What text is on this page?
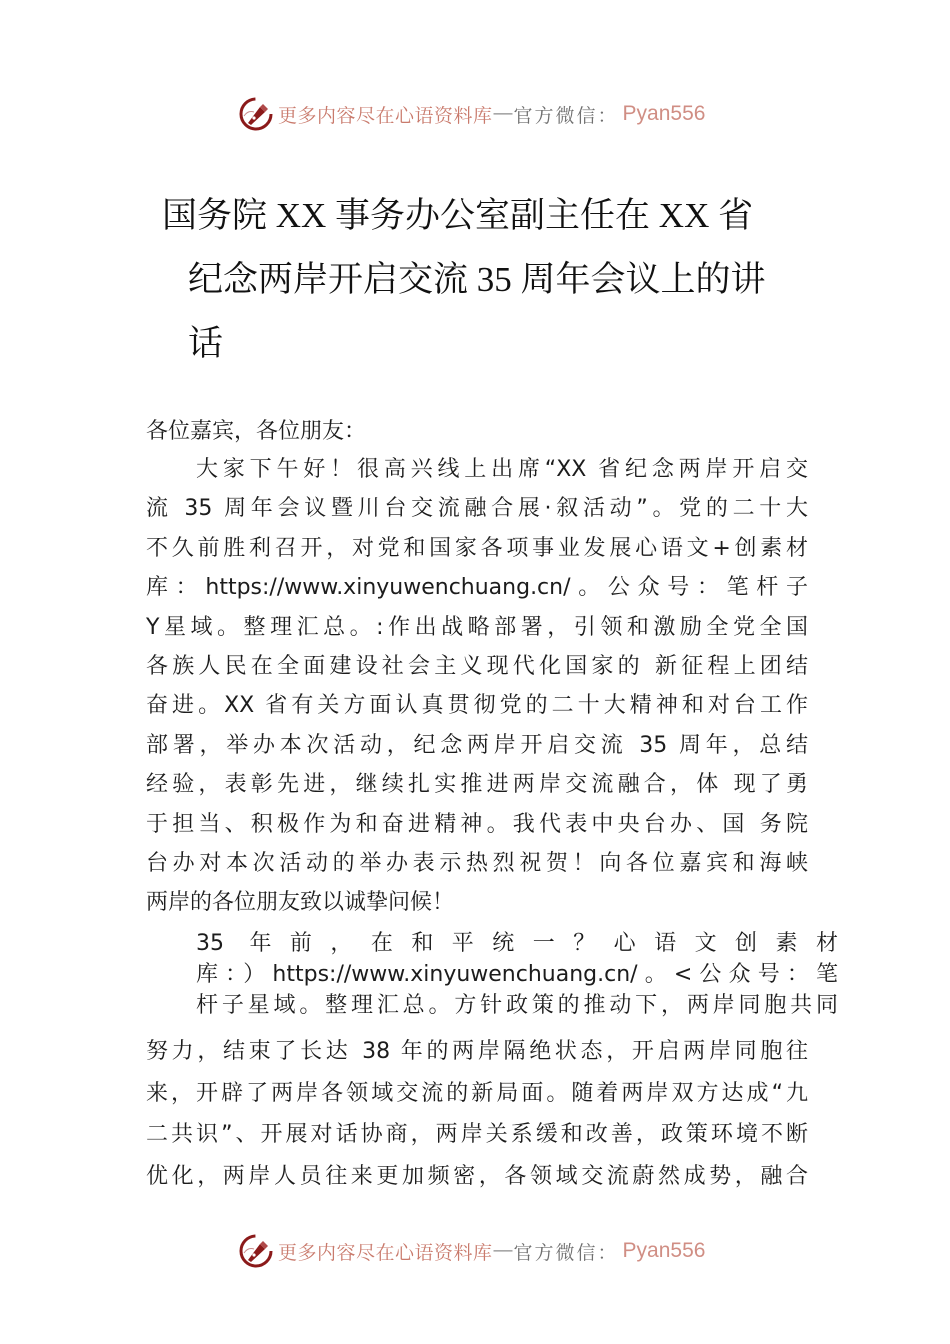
更多内容尽在心语资料库 — 官方微信： Pyan556
国务院 XX 事务办公室副主任在 XX 省
纪念两岸开启交流 35 周年会议上的讲
话
各位嘉宾，各位朋友：
大家下午好！很高兴线上出席“XX 省纪念两岸开启交
流 35 周年会议暨川台交流融合展·叙活动”。党的二十大
不久前胜利召开，对党和国家各项事业发展心语文+创素材
库：https://www.xinyuwenchuang.cn/。公众号：笔杆子
Y星域。整理汇总。:作出战略部署，引领和激励全党全国
各族人民在全面建设社会主义现代化国家的 新征程上团结
奋进。XX 省有关方面认真贯彻党的二十大精神和对台工作
部署，举办本次活动，纪念两岸开启交流 35 周年，总结
经验，表彰先进，继续扎实推进两岸交流融合，体 现了勇
于担当、积极作为和奋进精神。我代表中央台办、国 务院
台办对本次活动的举办表示热烈祝贺！向各位嘉宾和海峡
两岸的各位朋友致以诚挚问候！
35 年前，在和平统一？心语文创素材
库：）https://www.xinyuwenchuang.cn/。<公众号：笔
杆子星域。整理汇总。方针政策的推动下，两岸同胞共同
努力，结束了长达 38 年的两岸隔绝状态，开启两岸同胞往
来，开辟了两岸各领域交流的新局面。随着两岸双方达成“九
二共识”、开展对话协商，两岸关系缓和改善，政策环境不断
优化，两岸人员往来更加频密，各领域交流蔚然成势，融合
更多内容尽在心语资料库 — 官方微信： Pyan556
